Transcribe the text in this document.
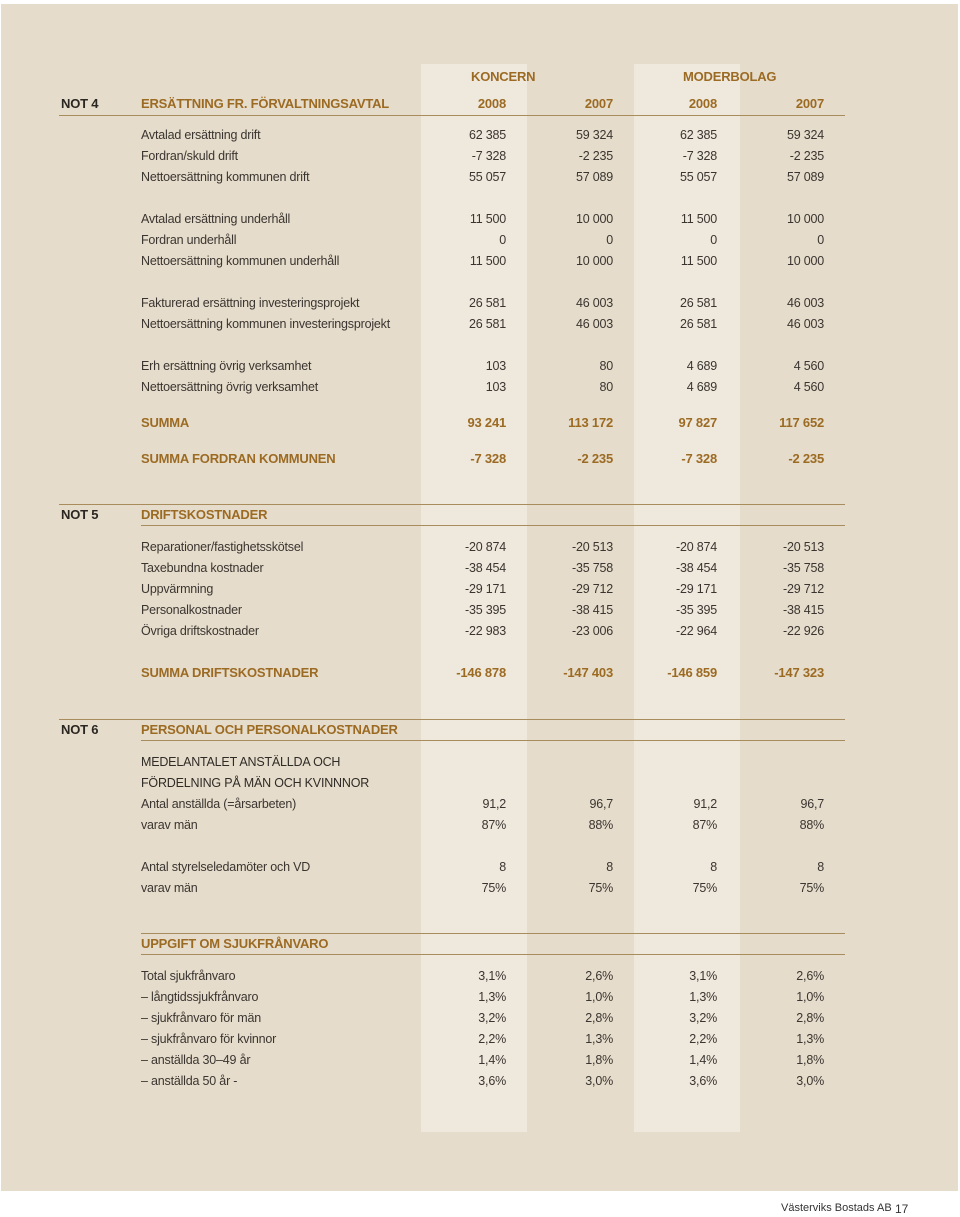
KONCERN	MODERBOLAG
NOT 4	ERSÄTTNING FR. FÖRVALTNINGSAVTAL	2008	2007	2008	2007
Avtalad ersättning drift	62 385	59 324	62 385	59 324
Fordran/skuld drift	-7 328	-2 235	-7 328	-2 235
Nettoersättning kommunen drift	55 057	57 089	55 057	57 089
Avtalad ersättning underhåll	11 500	10 000	11 500	10 000
Fordran underhåll	0	0	0	0
Nettoersättning kommunen underhåll	11 500	10 000	11 500	10 000
Fakturerad ersättning investeringsprojekt	26 581	46 003	26 581	46 003
Nettoersättning kommunen investeringsprojekt	26 581	46 003	26 581	46 003
Erh ersättning övrig verksamhet	103	80	4 689	4 560
Nettoersättning övrig verksamhet	103	80	4 689	4 560
SUMMA	93 241	113 172	97 827	117 652
SUMMA FORDRAN KOMMUNEN	-7 328	-2 235	-7 328	-2 235
NOT 5	DRIFTSKOSTNADER
Reparationer/fastighetsskötsel	-20 874	-20 513	-20 874	-20 513
Taxebundna kostnader	-38 454	-35 758	-38 454	-35 758
Uppvärmning	-29 171	-29 712	-29 171	-29 712
Personalkostnader	-35 395	-38 415	-35 395	-38 415
Övriga driftskostnader	-22 983	-23 006	-22 964	-22 926
SUMMA DRIFTSKOSTNADER	-146 878	-147 403	-146 859	-147 323
NOT 6	PERSONAL OCH PERSONALKOSTNADER
MEDELANTALET ANSTÄLLDA OCH
FÖRDELNING PÅ MÄN OCH KVINNNOR
Antal anställda (=årsarbeten)	91,2	96,7	91,2	96,7
varav män	87%	88%	87%	88%
Antal styrelseledamöter och VD	8	8	8	8
varav män	75%	75%	75%	75%
UPPGIFT OM SJUKFRÅNVARO
Total sjukfrånvaro	3,1%	2,6%	3,1%	2,6%
– långtidssjukfrånvaro	1,3%	1,0%	1,3%	1,0%
– sjukfrånvaro för män	3,2%	2,8%	3,2%	2,8%
– sjukfrånvaro för kvinnor	2,2%	1,3%	2,2%	1,3%
– anställda 30–49 år	1,4%	1,8%	1,4%	1,8%
– anställda 50 år -	3,6%	3,0%	3,6%	3,0%
Västerviks Bostads AB 17
